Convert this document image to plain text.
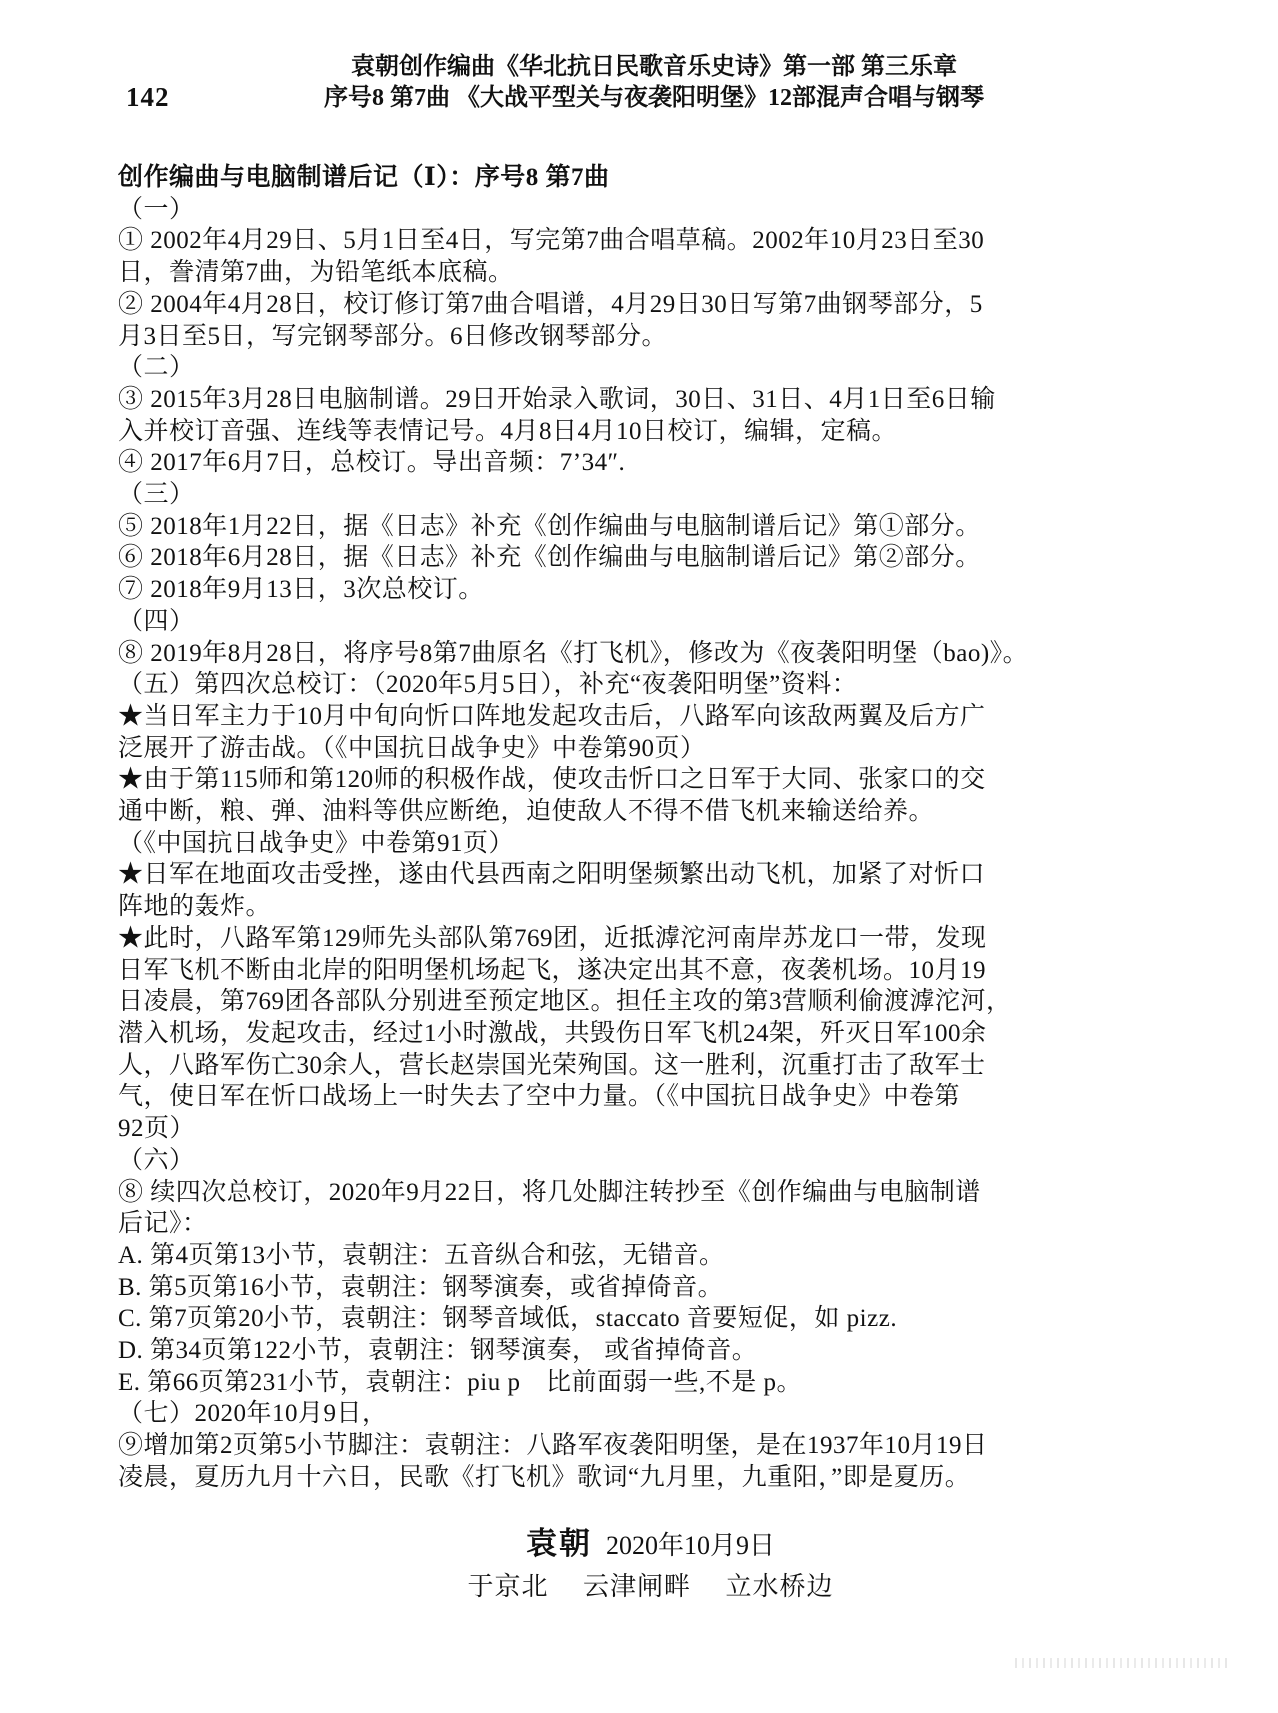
142
袁朝创作编曲《华北抗日民歌音乐史诗》第一部 第三乐章
序号8 第7曲 《大战平型关与夜袭阳明堡》12部混声合唱与钢琴
创作编曲与电脑制谱后记（Ⅰ）：序号8 第7曲
（一）
① 2002年4月29日、5月1日至4日，写完第7曲合唱草稿。2002年10月23日至30
日，誊清第7曲，为铅笔纸本底稿。
② 2004年4月28日，校订修订第7曲合唱谱，4月29日30日写第7曲钢琴部分，5
月3日至5日，写完钢琴部分。6日修改钢琴部分。
（二）
③ 2015年3月28日电脑制谱。29日开始录入歌词，30日、31日、4月1日至6日输
入并校订音强、连线等表情记号。4月8日4月10日校订，编辑，定稿。
④ 2017年6月7日，总校订。导出音频：7’34″.
（三）
⑤ 2018年1月22日，据《日志》补充《创作编曲与电脑制谱后记》第①部分。
⑥ 2018年6月28日，据《日志》补充《创作编曲与电脑制谱后记》第②部分。
⑦ 2018年9月13日，3次总校订。
（四）
⑧ 2019年8月28日，将序号8第7曲原名《打飞机》，修改为《夜袭阳明堡（bao)》。
（五）第四次总校订：（2020年5月5日），补充“夜袭阳明堡”资料：
★当日军主力于10月中旬向忻口阵地发起攻击后，八路军向该敌两翼及后方广
泛展开了游击战。（《中国抗日战争史》中卷第90页）
★由于第115师和第120师的积极作战，使攻击忻口之日军于大同、张家口的交
通中断，粮、弹、油料等供应断绝，迫使敌人不得不借飞机来输送给养。
（《中国抗日战争史》中卷第91页）
★日军在地面攻击受挫，遂由代县西南之阳明堡频繁出动飞机，加紧了对忻口
阵地的轰炸。
★此时，八路军第129师先头部队第769团，近抵滹沱河南岸苏龙口一带，发现
日军飞机不断由北岸的阳明堡机场起飞，遂决定出其不意，夜袭机场。10月19
日凌晨，第769团各部队分别进至预定地区。担任主攻的第3营顺利偷渡滹沱河，
潜入机场，发起攻击，经过1小时激战，共毁伤日军飞机24架，歼灭日军100余
人，八路军伤亡30余人，营长赵崇国光荣殉国。这一胜利，沉重打击了敌军士
气，使日军在忻口战场上一时失去了空中力量。（《中国抗日战争史》中卷第
92页）
（六）
⑧ 续四次总校订，2020年9月22日，将几处脚注转抄至《创作编曲与电脑制谱
后记》：
A. 第4页第13小节，袁朝注：五音纵合和弦，无错音。
B. 第5页第16小节，袁朝注：钢琴演奏，或省掉倚音。
C. 第7页第20小节，袁朝注：钢琴音域低，staccato 音要短促，如 pizz.
D. 第34页第122小节，袁朝注：钢琴演奏， 或省掉倚音。
E. 第66页第231小节，袁朝注：piu p　比前面弱一些,不是 p。
（七）2020年10月9日，
⑨增加第2页第5小节脚注：袁朝注：八路军夜袭阳明堡，是在1937年10月19日
凌晨，夏历九月十六日，民歌《打飞机》歌词“九月里，九重阳，”即是夏历。
袁朝 2020年10月9日
于京北　 云津闸畔　 立水桥边
